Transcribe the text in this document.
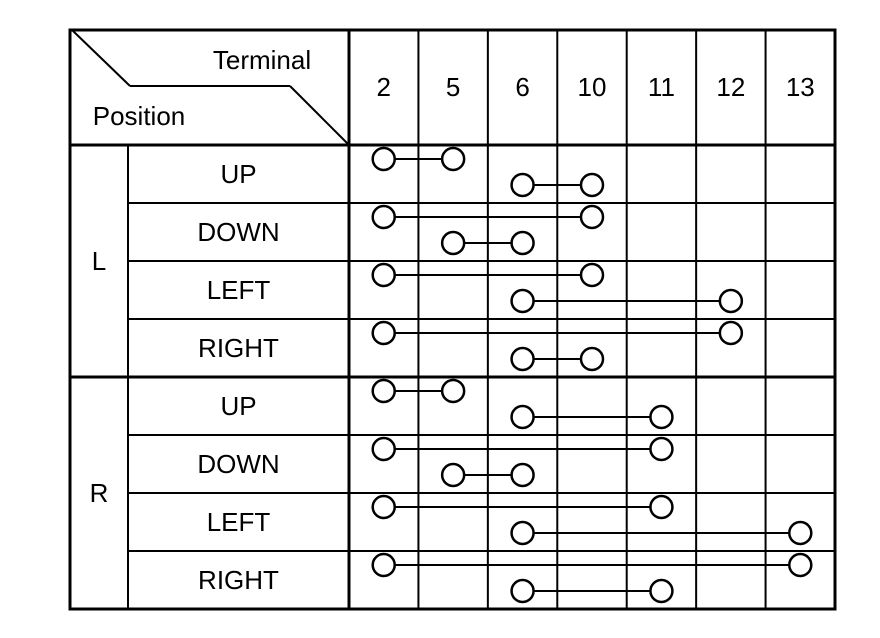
Terminal
Position
2 5 6 10 11 12 13
L
R
UP
DOWN
LEFT
RIGHT
UP
DOWN
LEFT
RIGHT
